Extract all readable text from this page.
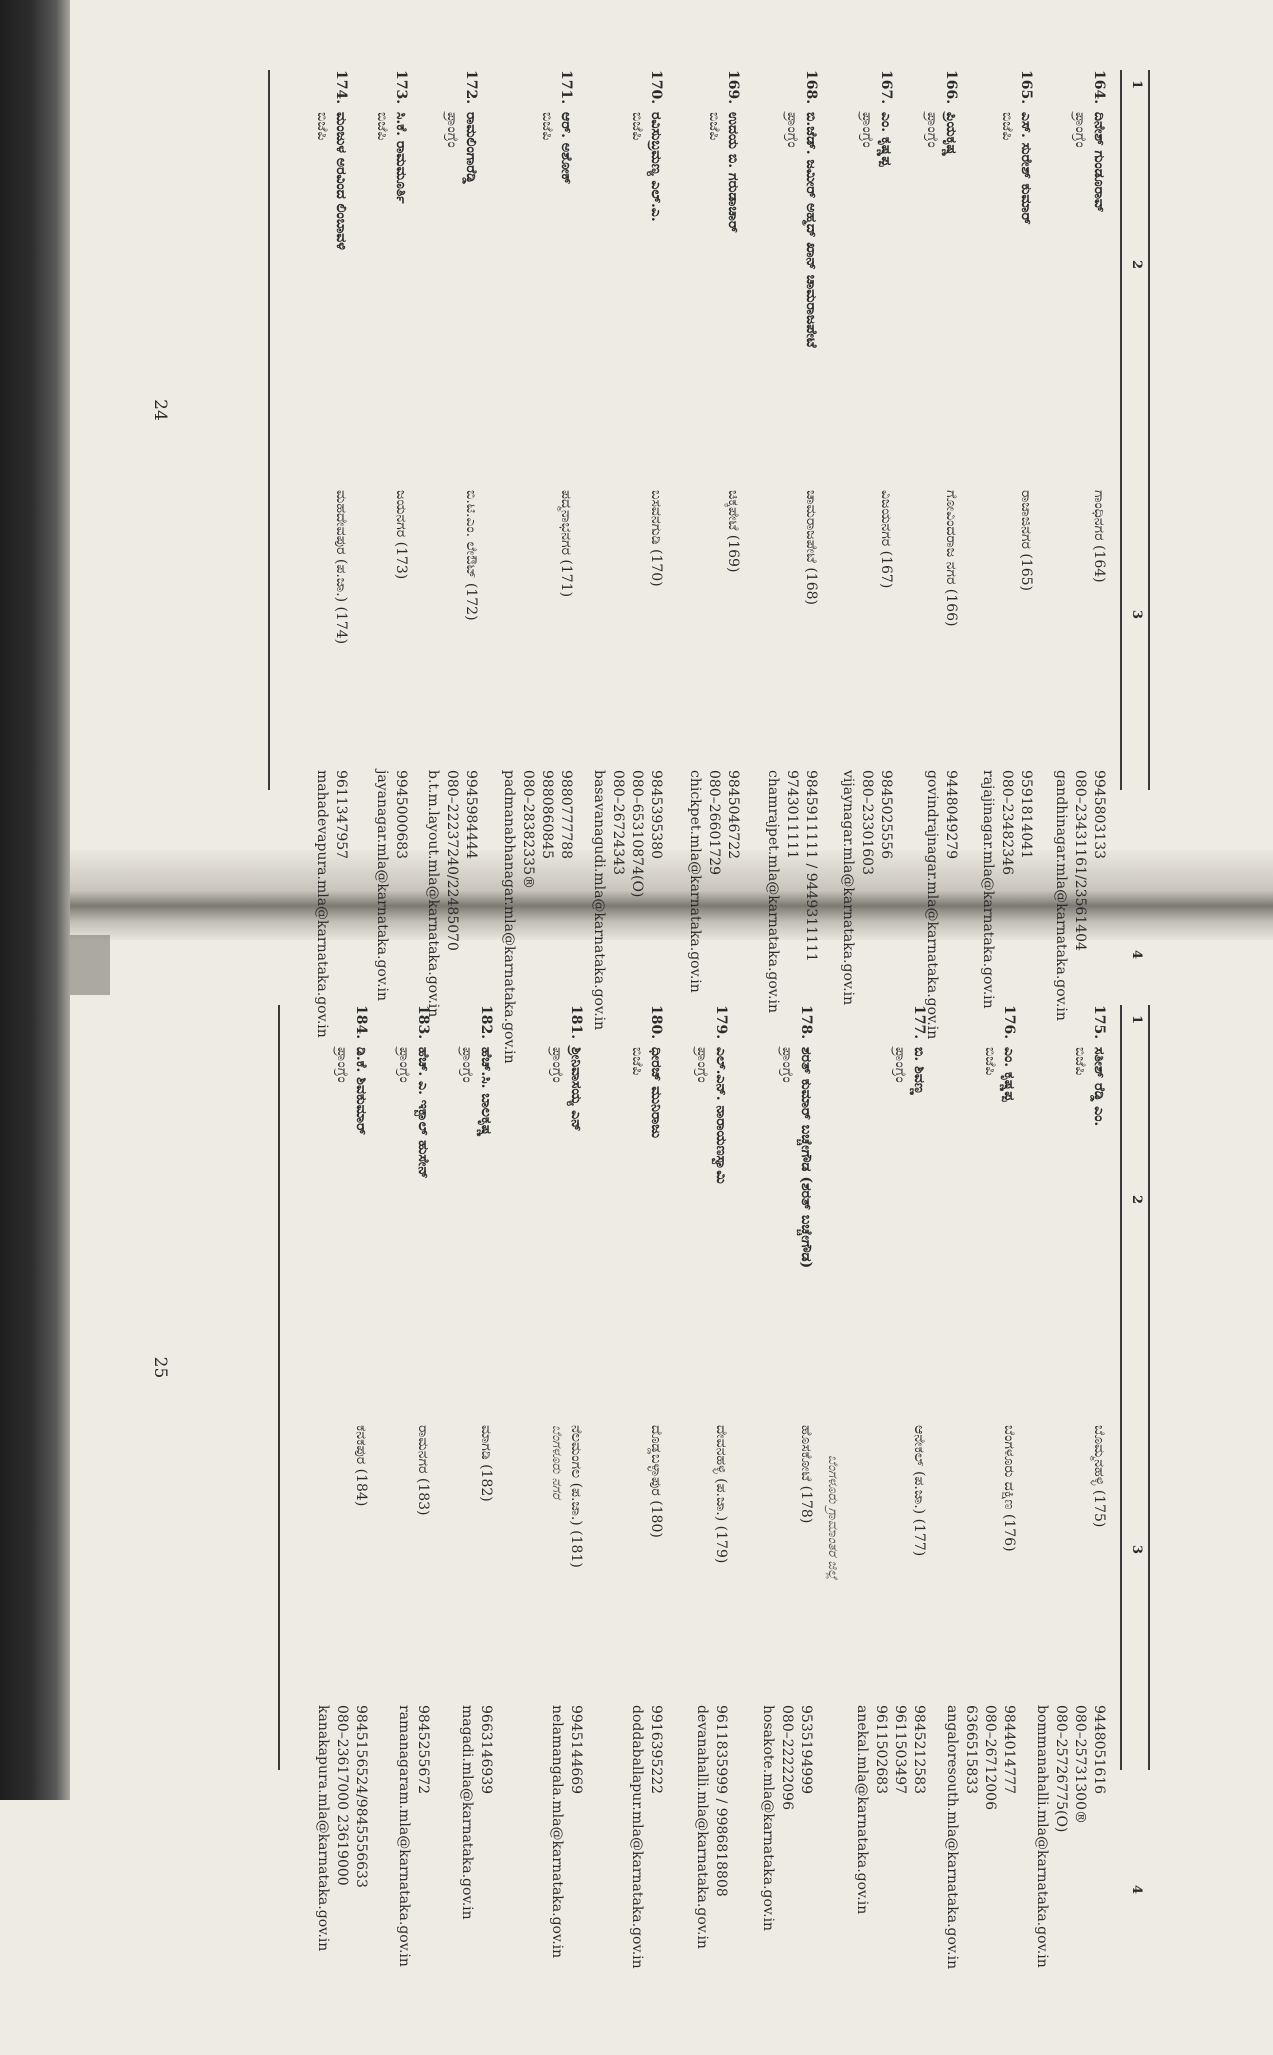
1
2
3
4
164.
ದಿನೇಶ್ ಗುಂಡೂರಾವ್
ಪ್ರಾಂಗ್ರೆಂ
ಗಾಂಧಿನಗರ (164)
9945803133
080–23431161/23561404
gandhinagar.mla@karnataka.gov.in
165.
ಎಸ್. ಸುರೇಶ್ ಕುಮಾರ್
ಬಿಜೆಪಿ
ರಾಜಾಜಿನಗರ (165)
9591814041
080–23482346
rajajinagar.mla@karnataka.gov.in
166.
ಪ್ರಿಯಕೃಷ್ಣ
ಪ್ರಾಂಗ್ರೆಂ
ಗೋವಿಂದರಾಜ ನಗರ (166)
9448049279
govindrajnagar.mla@karnataka.gov.in
167.
ಎಂ. ಕೃಷ್ಣಪ್ಪ
ಪ್ರಾಂಗ್ರೆಂ
ವಿಜಯನಗರ (167)
9845025556
080–23301603
vijaynagar.mla@karnataka.gov.in
168.
ಬಿ.ಜೆಡ್. ಜಮೀರ್ ಅಹ್ಮದ್ ಖಾನ್ ಚಾಮರಾಜಪೇಟೆ
ಪ್ರಾಂಗ್ರೆಂ
ಚಾಮರಾಜಪೇಟೆ (168)
9845911111 / 9449311111
9743011111
chamrajpet.mla@karnataka.gov.in
169.
ಉದಯ ಬಿ. ಗರುಡಾಚಾರ್
ಬಿಜೆಪಿ
ಚಿಕ್ಕಪೇಟೆ (169)
9845046722
080–26601729
chickpet.mla@karnataka.gov.in
170.
ರವಿಸುಬ್ರಮಣ್ಯ ಎಲ್.ಎ.
ಬಿಜೆಪಿ
ಬಸವನಗುಡಿ (170)
9845395380
080–65310874(O)
080–26724343
basavanagudi.mla@karnataka.gov.in
171.
ಆರ್. ಅಶೋಕ್
ಬಿಜೆಪಿ
ಪದ್ಮನಾಭನಗರ (171)
9880777788
9880860845
080–28382335®
padmanabhanagar.mla@karnataka.gov.in
172.
ರಾಮಲಿಂಗಾರೆಡ್ಡಿ
ಪ್ರಾಂಗ್ರೆಂ
ಬಿ.ಟಿ.ಎಂ. ಲೇಔಟ್ (172)
9945984444
080–22237240/22485070
b.t.m.layout.mla@karnataka.gov.in
173.
ಸಿ.ಕೆ. ರಾಮಮೂರ್ತಿ
ಬಿಜೆಪಿ
ಜಯನಗರ (173)
9945000683
jayanagar.mla@karnataka.gov.in
174.
ಮಂಜುಳ ಅರವಿಂದ ಲಿಂಬಾವಳಿ
ಬಿಜೆಪಿ
ಮಹದೇವಪುರ (ಪ.ಜಾ.) (174)
9611347957
mahadevapura.mla@karnataka.gov.in
24
1
2
3
4
175.
ಸತೀಶ್ ರೆಡ್ಡಿ ಎಂ.
ಬಿಜೆಪಿ
ಬೊಮ್ಮನಹಳ್ಳಿ (175)
9448051616
080–25731300®
080–25726775(O)
bommanahalli.mla@karnataka.gov.in
176.
ಎಂ. ಕೃಷ್ಣಪ್ಪ
ಬಿಜೆಪಿ
ಬೆಂಗಳೂರು ದಕ್ಷಿಣ (176)
9844014777
080–26712006
6366515833
angaloresouth.mla@karnataka.gov.in
177.
ಬಿ. ಶಿವಣ್ಣ
ಪ್ರಾಂಗ್ರೆಂ
ಆನೇಕಲ್ (ಪ.ಜಾ.) (177)
9845212583
9611503497
9611502683
anekal.mla@karnataka.gov.in
ಬೆಂಗಳೂರು ಗ್ರಾಮಾಂತರ ಜಿಲ್ಲೆ
178.
ಶರತ್ ಕುಮಾರ್ ಬಚ್ಚೇಗೌಡ (ಶರತ್ ಬಚ್ಚೇಗೌಡ)
ಪ್ರಾಂಗ್ರೆಂ
ಹೊಸಕೋಟೆ (178)
9535194999
080–22222096
hosakote.mla@karnataka.gov.in
179.
ಎಲ್.ಎನ್. ನಾರಾಯಣಸ್ವಾಮಿ
ಪ್ರಾಂಗ್ರೆಂ
ದೇವನಹಳ್ಳಿ (ಪ.ಜಾ.) (179)
9611835999 / 9986818808
devanahalli.mla@karnataka.gov.in
180.
ಧೀರಜ್ ಮುನಿರಾಜು
ಬಿಜೆಪಿ
ದೊಡ್ಡಬಳ್ಳಾಪುರ (180)
9916395222
doddaballapur.mla@karnataka.gov.in
181.
ಶ್ರೀನಿವಾಸಯ್ಯ ಎನ್
ಪ್ರಾಂಗ್ರೆಂ
ನೆಲಮಂಗಲ (ಪ.ಜಾ.) (181)
ಬೆಂಗಳೂರು ನಗರ
9945144669
nelamangala.mla@karnataka.gov.in
182.
ಹೆಚ್.ಸಿ. ಬಾಲಕೃಷ್ಣ
ಪ್ರಾಂಗ್ರೆಂ
ಮಾಗಡಿ (182)
9663146939
magadi.mla@karnataka.gov.in
183.
ಹೆಚ್. ಎ. ಇಕ್ಬಾಲ್ ಹುಸೇನ್
ಪ್ರಾಂಗ್ರೆಂ
ರಾಮನಗರ (183)
9845255672
ramanagaram.mla@karnataka.gov.in
184.
ಡಿ.ಕೆ. ಶಿವಕುಮಾರ್
ಪ್ರಾಂಗ್ರೆಂ
ಕನಕಪುರ (184)
9845156524/9845556633
080–23617000 23619000
kanakapura.mla@karnataka.gov.in
25
